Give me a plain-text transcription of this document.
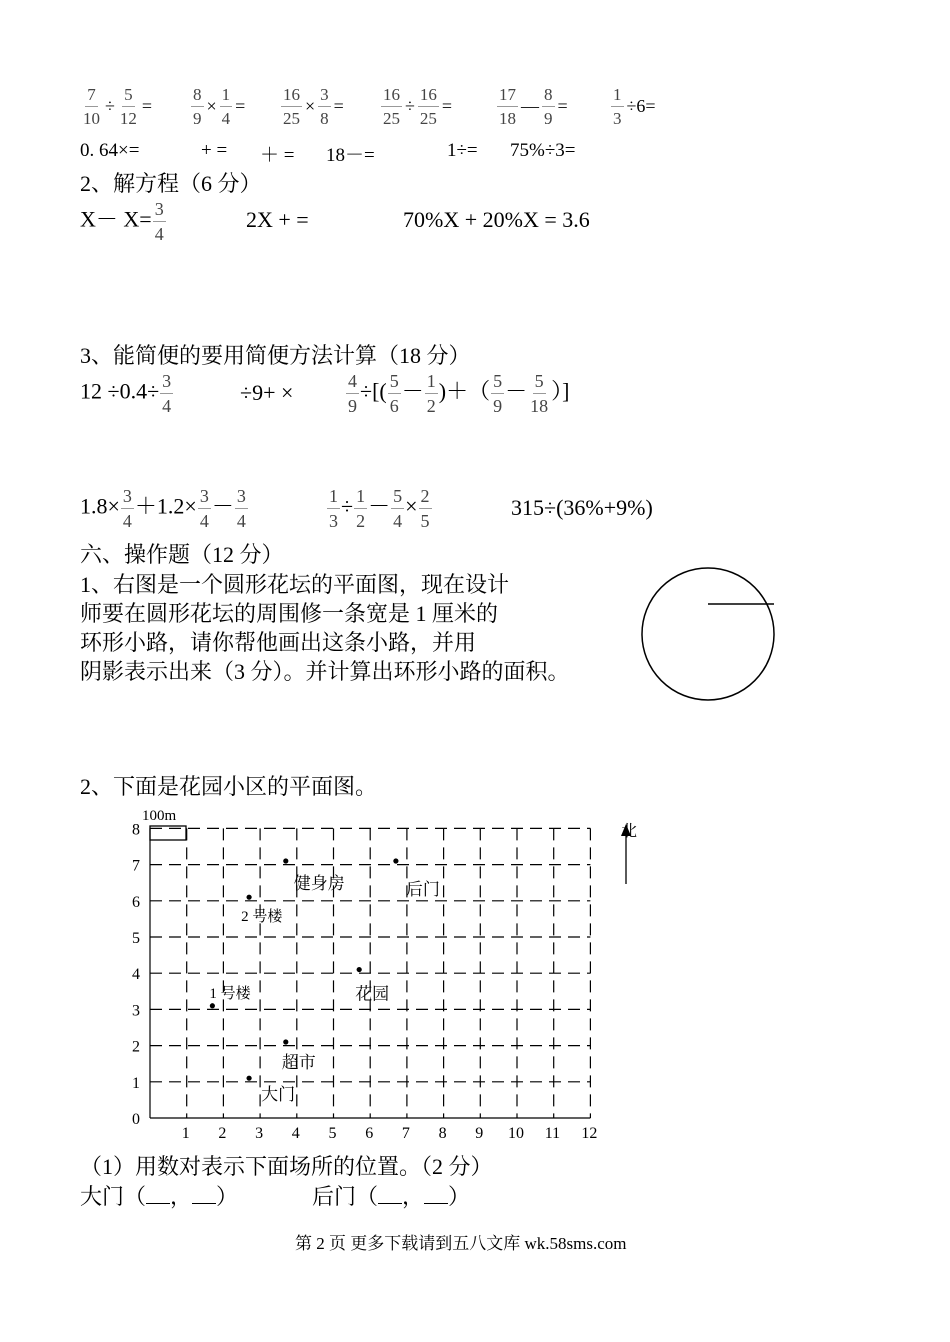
$\frac{7}{10} \div \frac{5}{12} = \frac{8}{9} \times \frac{1}{4} = \frac{16}{25} \times \frac{3}{8} = \frac{16}{25} \div \frac{16}{25}$ =	$\frac{17}{18}$ — $\frac{8}{9}$ =	$\frac{1}{3} \div 6=$
0. 64×=	+ = ＋ = 18－=	1÷= 75%÷3=
2、解方程（6 分）
$X- X= \frac{3}{4}$	2X + =	70%X + 20%X = 3.6
3、能简便的要用简便方法计算（18 分）
$12 \div 0.4\div \frac{3}{4}$	÷9+ ×	$\frac{4}{9}$ ÷[( $\frac{5}{6} - \frac{1}{2}$ )＋（ $\frac{5}{9} - \frac{5}{18}$ ）]
$1.8\times \frac{3}{4} +1.2\times \frac{3}{4} - \frac{3}{4}$	$\frac{1}{3} \div \frac{1}{2} - \frac{5}{4} \times \frac{2}{5}$	315÷(36%+9%)
六、操作题（12 分）
1、右图是一个圆形花坛的平面图，现在设计
师要在圆形花坛的周围修一条宽是 1 厘米的
环形小路，请你帮他画出这条小路，并用
阴影表示出来（3 分）。并计算出环形小路的面积。
2、下面是花园小区的平面图。
100m
北
1 2 3 4 5 6 7 8 9 10 11 12
0
1
2
3
4
5
6
7
8
大门
超市
1 号楼	花园
2 号楼
健身房	后门
（1）用数对表示下面场所的位置。（2 分）
大门（ ， ）	后门（ ， ）
第 2 页 更多下载请到五八文库 wk.58sms.com
